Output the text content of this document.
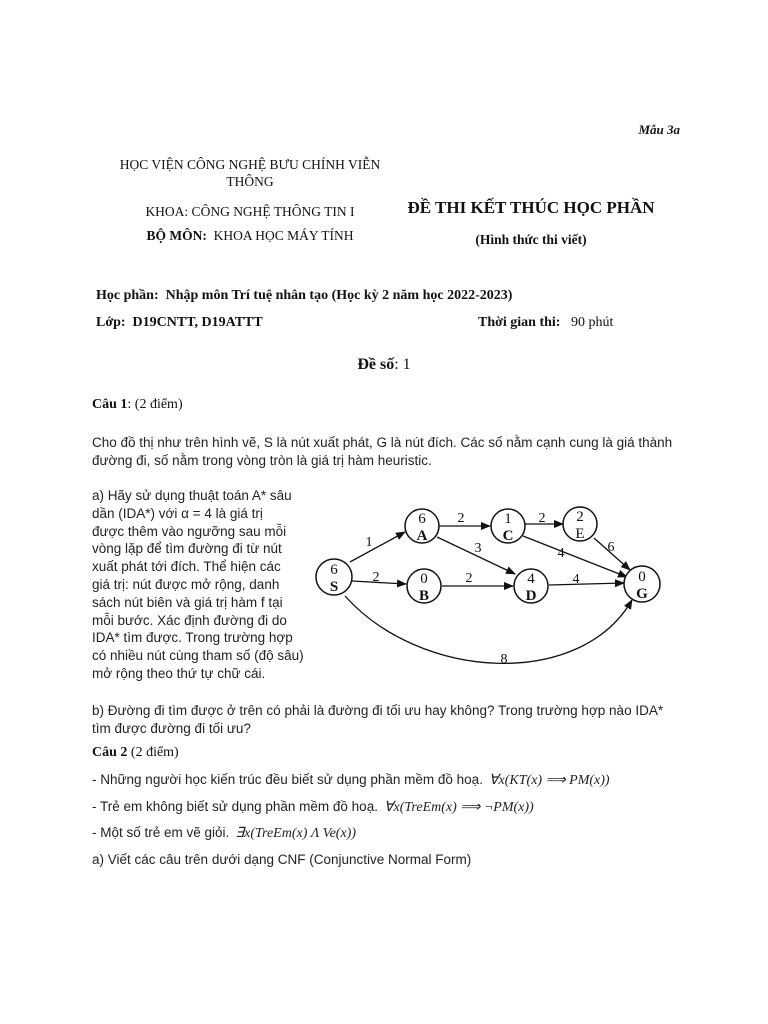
Mẫu 3a
HỌC VIỆN CÔNG NGHỆ BƯU CHÍNH VIỄN THÔNG
KHOA: CÔNG NGHỆ THÔNG TIN I
BỘ MÔN: KHOA HỌC MÁY TÍNH
ĐỀ THI KẾT THÚC HỌC PHẦN
(Hình thức thi viết)
Học phần: Nhập môn Trí tuệ nhân tạo (Học kỳ 2 năm học 2022-2023)
Lớp: D19CNTT, D19ATTT	Thời gian thi: 90 phút
Đề số: 1
Câu 1: (2 điểm)
Cho đồ thị như trên hình vẽ, S là nút xuất phát, G là nút đích. Các số nằm cạnh cung là giá thành
đường đi, số nằm trong vòng tròn là giá trị hàm heuristic.
a) Hãy sử dụng thuật toán A* sâu
dần (IDA*) với α = 4 là giá trị
được thêm vào ngưỡng sau mỗi
vòng lặp để tìm đường đi từ nút
xuất phát tới đích. Thể hiện các
giá trị: nút được mở rộng, danh
sách nút biên và giá trị hàm f tại
mỗi bước. Xác định đường đi do
IDA* tìm được. Trong trường hợp
có nhiều nút cùng tham số (độ sâu)
mở rộng theo thứ tự chữ cái.
6
S
6
A
0
B
1
C
4
D
2
E
0
G
1
2
8
2
3
2
2
4
4
6
b) Đường đi tìm được ở trên có phải là đường đi tối ưu hay không? Trong trường hợp nào IDA*
tìm được đường đi tối ưu?
Câu 2 (2 điểm)
- Những người học kiến trúc đều biết sử dụng phần mềm đồ hoạ. ∀x(KT(x) ⟹ PM(x))
- Trẻ em không biết sử dụng phần mềm đồ hoạ. ∀x(TreEm(x) ⟹ ¬PM(x))
- Một số trẻ em vẽ giỏi. ∃x(TreEm(x) Λ Ve(x))
a) Viết các câu trên dưới dạng CNF (Conjunctive Normal Form)
